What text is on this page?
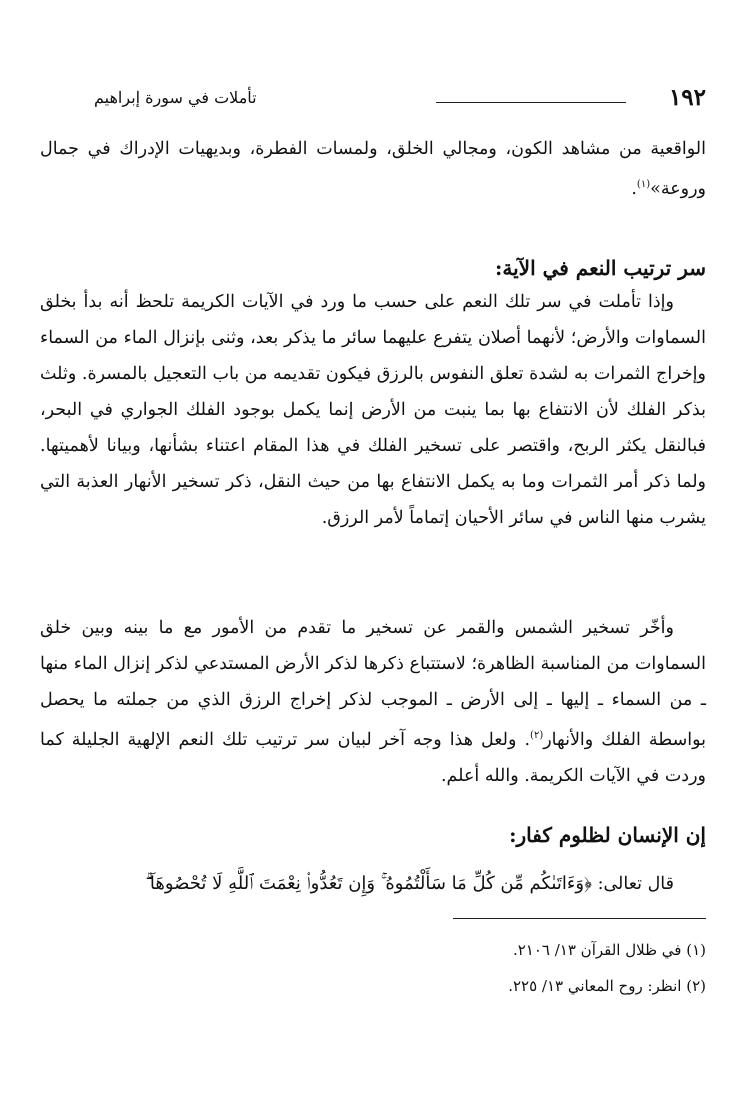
١٩٢
تأملات في سورة إبراهيم
الواقعية من مشاهد الكون، ومجالي الخلق، ولمسات الفطرة، وبديهيات الإدراك في جمال وروعة»$^{(١)}$.
سر ترتيب النعم في الآية:
وإذا تأملت في سر تلك النعم على حسب ما ورد في الآيات الكريمة تلحظ أنه بدأ بخلق السماوات والأرض؛ لأنهما أصلان يتفرع عليهما سائر ما يذكر بعد، وثنى بإنزال الماء من السماء وإخراج الثمرات به لشدة تعلق النفوس بالرزق فيكون تقديمه من باب التعجيل بالمسرة. وثلث بذكر الفلك لأن الانتفاع بها بما ينبت من الأرض إنما يكمل بوجود الفلك الجواري في البحر، فبالنقل يكثر الربح، واقتصر على تسخير الفلك في هذا المقام اعتناء بشأنها، وبيانا لأهميتها. ولما ذكر أمر الثمرات وما به يكمل الانتفاع بها من حيث النقل، ذكر تسخير الأنهار العذبة التي يشرب منها الناس في سائر الأحيان إتماماً لأمر الرزق.
وأخّر تسخير الشمس والقمر عن تسخير ما تقدم من الأمور مع ما بينه وبين خلق السماوات من المناسبة الظاهرة؛ لاستتباع ذكرها لذكر الأرض المستدعي لذكر إنزال الماء منها ـ من السماء ـ إليها ـ إلى الأرض ـ الموجب لذكر إخراج الرزق الذي من جملته ما يحصل بواسطة الفلك والأنهار$^{(٢)}$. ولعل هذا وجه آخر لبيان سر ترتيب تلك النعم الإلهية الجليلة كما وردت في الآيات الكريمة. والله أعلم.
إن الإنسان لظلوم كفار:
قال تعالى: ﴿وَءَاتَىٰكُم مِّن كُلِّ مَا سَأَلْتُمُوهُ ۚ وَإِن تَعُدُّوا۟ نِعْمَتَ ٱللَّهِ لَا تُحْصُوهَآ ۗ
(١) في ظلال القرآن ١٣/ ٢١٠٦.
(٢) انظر: روح المعاني ١٣/ ٢٢٥.
